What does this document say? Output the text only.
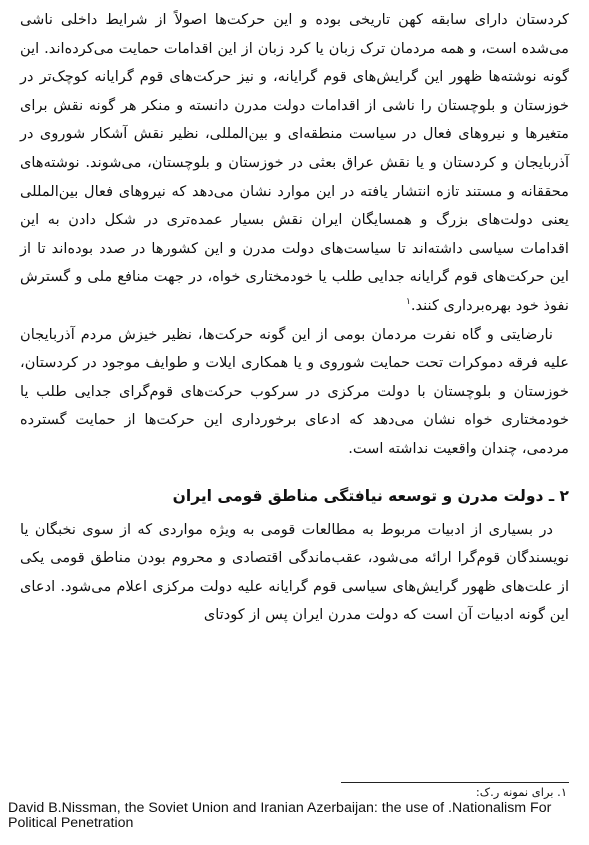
کردستان دارای سابقه کهن تاریخی بوده و این حرکت‌ها اصولاً از شرایط داخلی ناشی می‌شده است، و همه مردمان ترک زبان یا کرد زبان از این اقدامات حمایت می‌کرده‌اند. این گونه نوشته‌ها ظهور این گرایش‌های قوم گرایانه، و نیز حرکت‌های قوم گرایانه کوچک‌تر در خوزستان و بلوچستان را ناشی از اقدامات دولت مدرن دانسته و منکر هر گونه نقش برای متغیرها و نیروهای فعال در سیاست منطقه‌ای و بین‌المللی، نظیر نقش آشکار شوروی در آذربایجان و کردستان و یا نقش عراق بعثی در خوزستان و بلوچستان، می‌شوند. نوشته‌های محققانه و مستند تازه انتشار یافته در این موارد نشان می‌دهد که نیروهای فعال بین‌المللی یعنی دولت‌های بزرگ و همسایگان ایران نقش بسیار عمده‌تری در شکل دادن به این اقدامات سیاسی داشته‌اند تا سیاست‌های دولت مدرن و این کشورها در صدد بوده‌اند تا از این حرکت‌های قوم گرایانه جدایی طلب یا خودمختاری خواه، در جهت منافع ملی و گسترش نفوذ خود بهره‌برداری کنند.$^۱$

نارضایتی و گاه نفرت مردمان بومی از این گونه حرکت‌ها، نظیر خیزش مردم آذربایجان علیه فرقه دموکرات تحت حمایت شوروی و یا همکاری ایلات و طوایف موجود در کردستان، خوزستان و بلوچستان با دولت مرکزی در سرکوب حرکت‌های قوم‌گرای جدایی طلب یا خودمختاری خواه نشان می‌دهد که ادعای برخورداری این حرکت‌ها از حمایت گسترده مردمی، چندان واقعیت نداشته است.

۲ ـ دولت مدرن و توسعه نیافتگی مناطق قومی ایران

در بسیاری از ادبیات مربوط به مطالعات قومی به ویژه مواردی که از سوی نخبگان یا نویسندگان قوم‌گرا ارائه می‌شود، عقب‌ماندگی اقتصادی و محروم بودن مناطق قومی یکی از علت‌های ظهور گرایش‌های سیاسی قوم گرایانه علیه دولت مرکزی اعلام می‌شود. ادعای این گونه ادبیات آن است که دولت مدرن ایران پس از کودتای

۱. برای نمونه ر.ک:
David B.Nissman, the Soviet Union and Iranian Azerbaijan: the use of .Nationalism For Political Penetration
